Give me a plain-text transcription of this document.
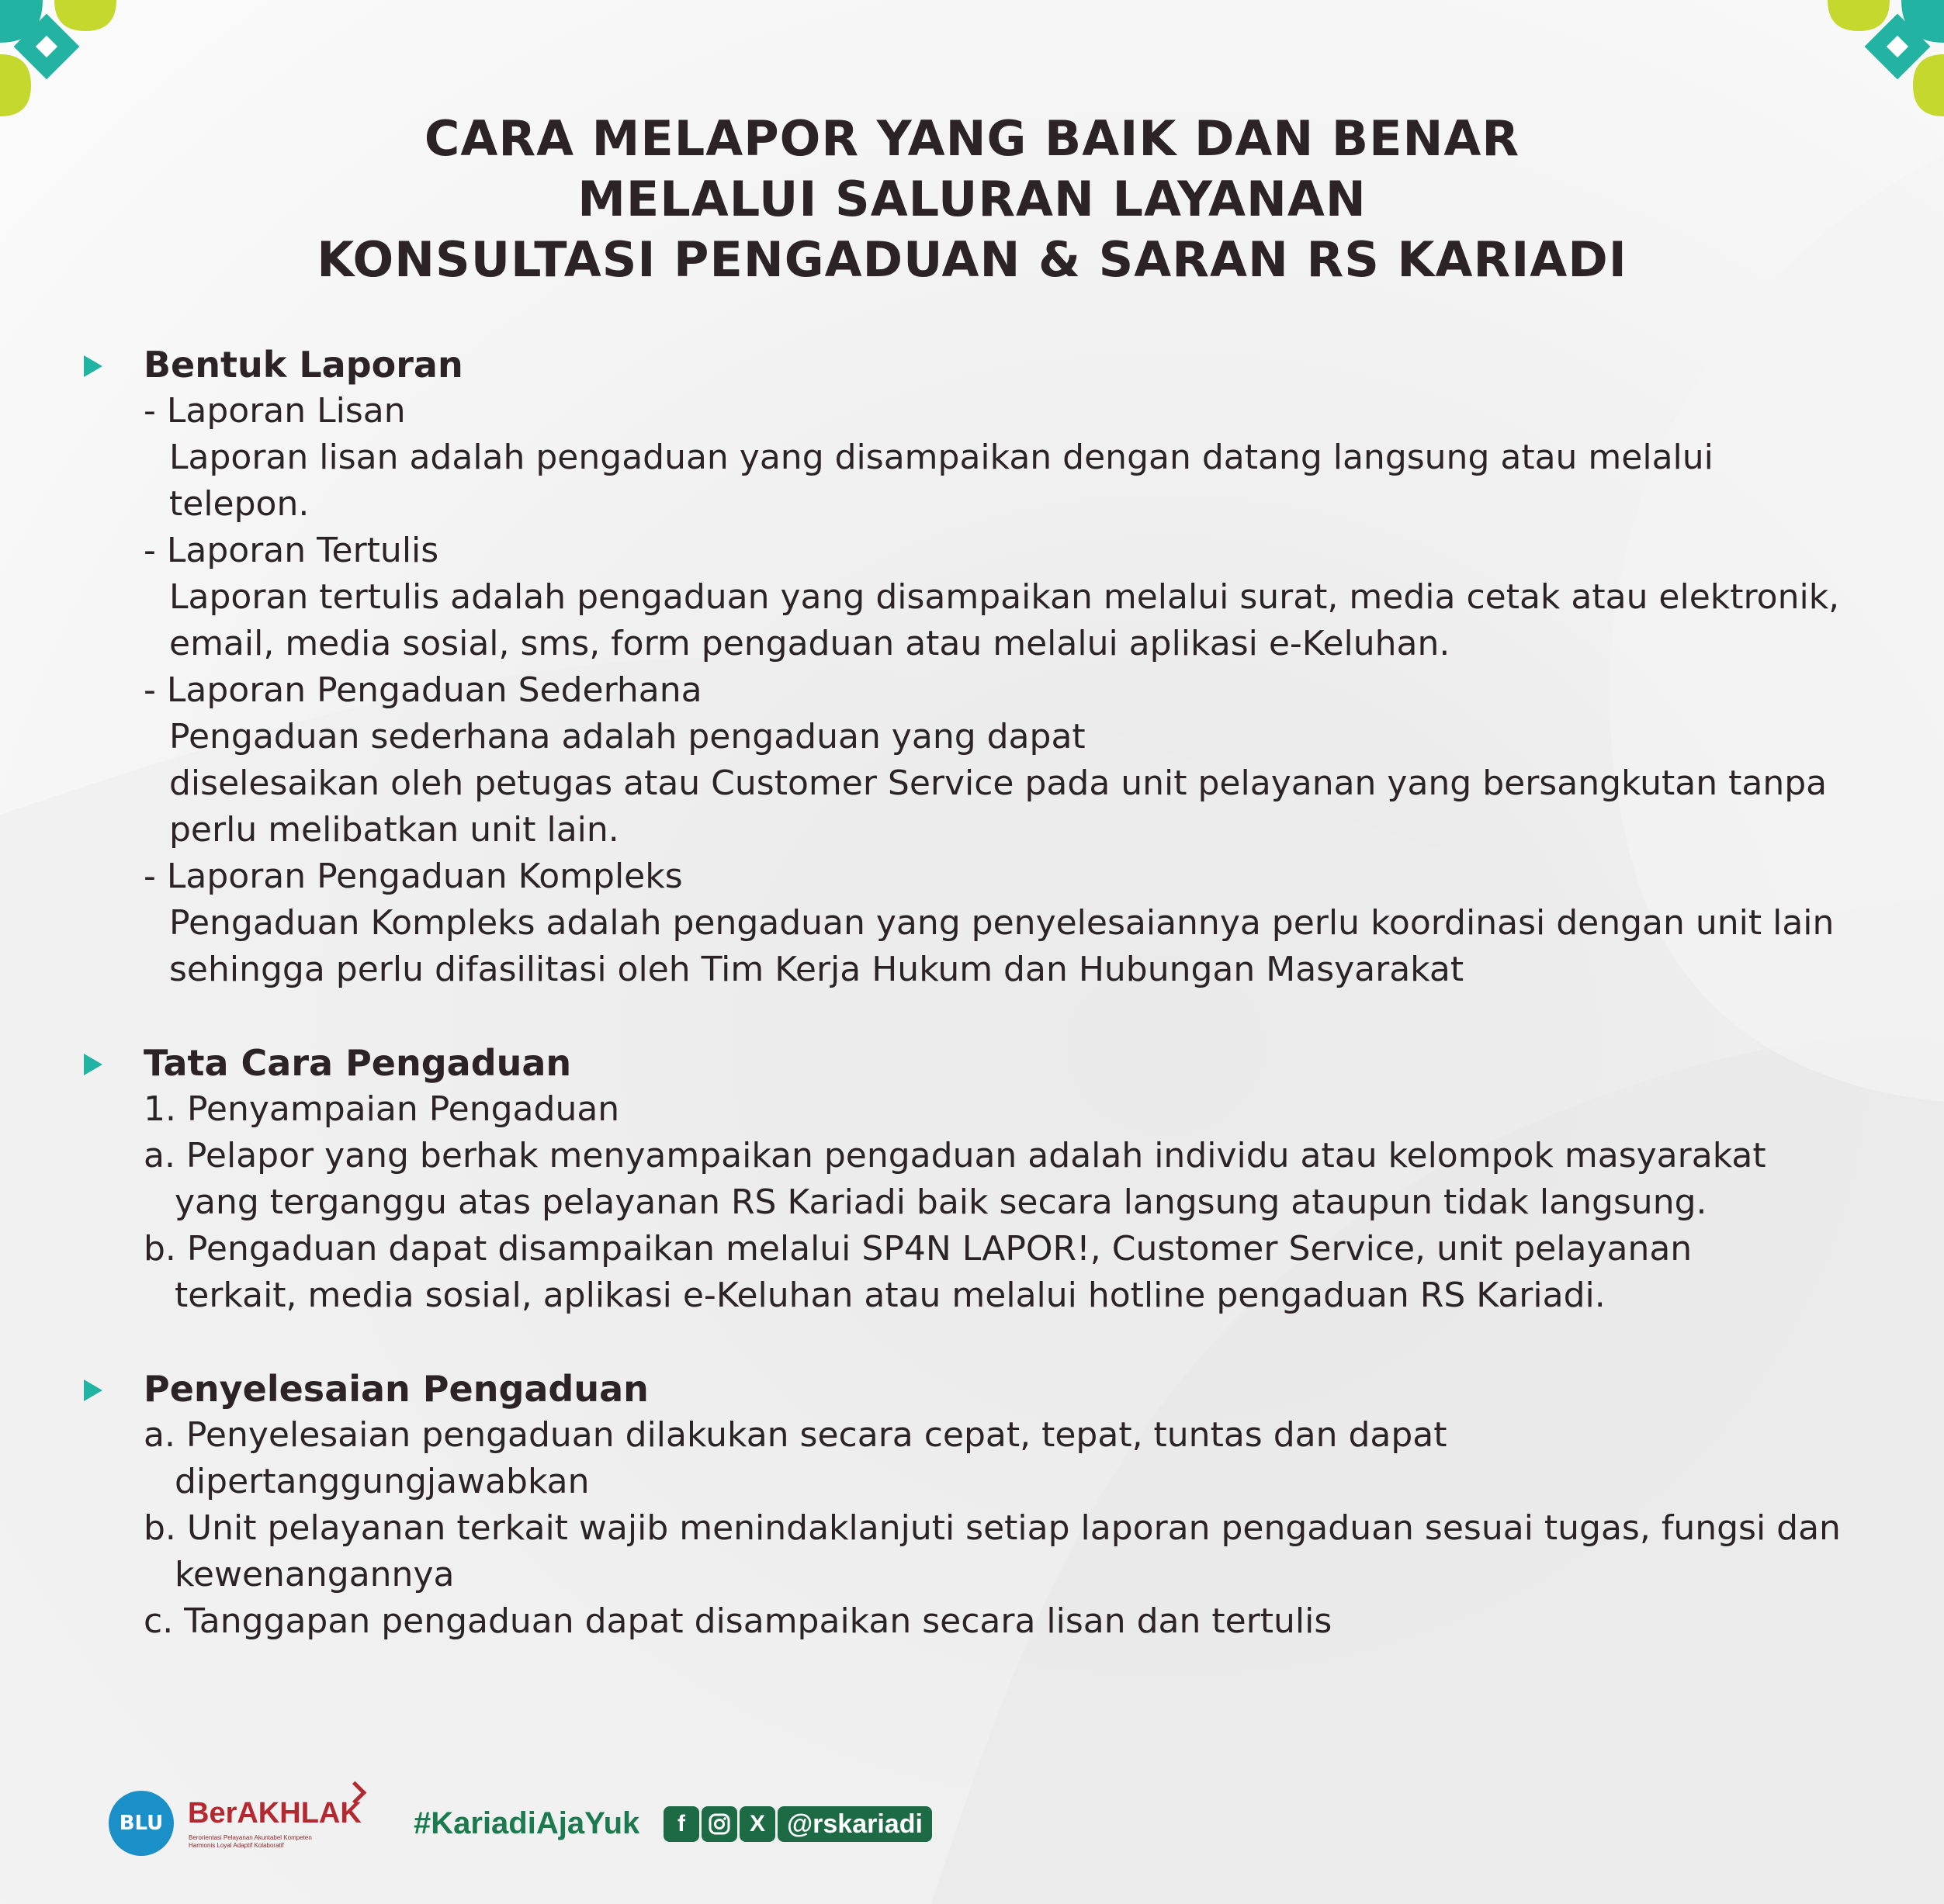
CARA MELAPOR YANG BAIK DAN BENAR
MELALUI SALURAN LAYANAN
KONSULTASI PENGADUAN & SARAN RS KARIADI
Bentuk Laporan
- Laporan Lisan
Laporan lisan adalah pengaduan yang disampaikan dengan datang langsung atau melalui
telepon.
- Laporan Tertulis
Laporan tertulis adalah pengaduan yang disampaikan melalui surat, media cetak atau elektronik,
email, media sosial, sms, form pengaduan atau melalui aplikasi e-Keluhan.
- Laporan Pengaduan Sederhana
Pengaduan sederhana adalah pengaduan yang dapat
diselesaikan oleh petugas atau Customer Service pada unit pelayanan yang bersangkutan tanpa
perlu melibatkan unit lain.
- Laporan Pengaduan Kompleks
Pengaduan Kompleks adalah pengaduan yang penyelesaiannya perlu koordinasi dengan unit lain
sehingga perlu difasilitasi oleh Tim Kerja Hukum dan Hubungan Masyarakat
Tata Cara Pengaduan
1. Penyampaian Pengaduan
a. Pelapor yang berhak menyampaikan pengaduan adalah individu atau kelompok masyarakat
yang terganggu atas pelayanan RS Kariadi baik secara langsung ataupun tidak langsung.
b. Pengaduan dapat disampaikan melalui SP4N LAPOR!, Customer Service, unit pelayanan
terkait, media sosial, aplikasi e-Keluhan atau melalui hotline pengaduan RS Kariadi.
Penyelesaian Pengaduan
a. Penyelesaian pengaduan dilakukan secara cepat, tepat, tuntas dan dapat
dipertanggungjawabkan
b. Unit pelayanan terkait wajib menindaklanjuti setiap laporan pengaduan sesuai tugas, fungsi dan
kewenangannya
c. Tanggapan pengaduan dapat disampaikan secara lisan dan tertulis
BLU BerAKHLAK
Berorientasi Pelayanan Akuntabel Kompeten
Harmonis Loyal Adaptif Kolaboratif
#KariadiAjaYuk	f	X @rskariadi
